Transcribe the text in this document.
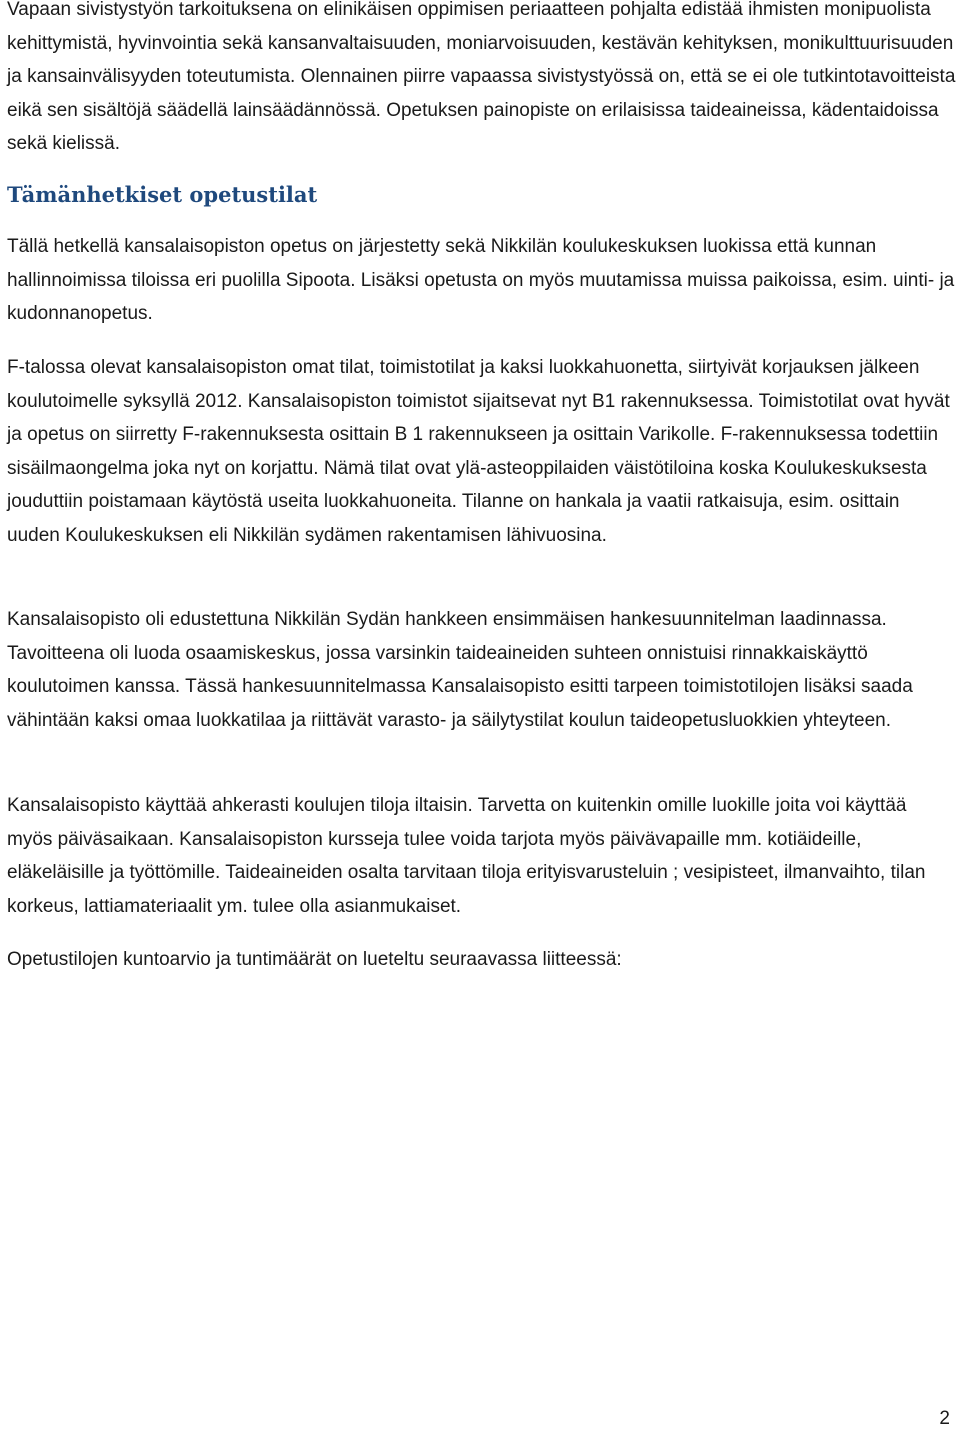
Vapaan sivistystyön tarkoituksena on elinikäisen oppimisen periaatteen pohjalta edistää ihmisten monipuolista kehittymistä, hyvinvointia sekä kansanvaltaisuuden, moniarvoisuuden, kestävän kehityksen, monikulttuurisuuden ja kansainvälisyyden toteutumista. Olennainen piirre vapaassa sivistystyössä on, että se ei ole tutkintotavoitteista eikä sen sisältöjä säädellä lainsäädännössä. Opetuksen painopiste on erilaisissa taideaineissa, kädentaidoissa sekä kielissä.

Tämänhetkiset opetustilat

Tällä hetkellä kansalaisopiston opetus on järjestetty sekä Nikkilän koulukeskuksen luokissa että kunnan hallinnoimissa tiloissa eri puolilla Sipoota. Lisäksi opetusta on myös muutamissa muissa paikoissa, esim. uinti- ja kudonnanopetus.

F-talossa olevat kansalaisopiston omat tilat, toimistotilat ja kaksi luokkahuonetta, siirtyivät korjauksen jälkeen koulutoimelle syksyllä 2012. Kansalaisopiston toimistot sijaitsevat nyt B1 rakennuksessa. Toimistotilat ovat hyvät ja opetus on siirretty F-rakennuksesta osittain B 1 rakennukseen ja osittain Varikolle. F-rakennuksessa todettiin sisäilmaongelma joka nyt on korjattu. Nämä tilat ovat ylä-asteoppilaiden väistötiloina koska Koulukeskuksesta jouduttiin poistamaan käytöstä useita luokkahuoneita. Tilanne on hankala ja vaatii ratkaisuja, esim. osittain uuden Koulukeskuksen eli Nikkilän sydämen rakentamisen lähivuosina.

Kansalaisopisto oli edustettuna Nikkilän Sydän hankkeen ensimmäisen hankesuunnitelman laadinnassa. Tavoitteena oli luoda osaamiskeskus, jossa varsinkin taideaineiden suhteen onnistuisi rinnakkaiskäyttö koulutoimen kanssa. Tässä hankesuunnitelmassa Kansalaisopisto esitti tarpeen toimistotilojen lisäksi saada vähintään kaksi omaa luokkatilaa ja riittävät varasto- ja säilytystilat koulun taideopetusluokkien yhteyteen.

Kansalaisopisto käyttää ahkerasti koulujen tiloja iltaisin. Tarvetta on kuitenkin omille luokille joita voi käyttää myös päiväsaikaan. Kansalaisopiston kursseja tulee voida tarjota myös päivävapaille mm. kotiäideille, eläkeläisille ja työttömille. Taideaineiden osalta tarvitaan tiloja erityisvarusteluin ; vesipisteet, ilmanvaihto, tilan korkeus, lattiamateriaalit ym. tulee olla asianmukaiset.

Opetustilojen kuntoarvio ja tuntimäärät on lueteltu seuraavassa liitteessä:

2
